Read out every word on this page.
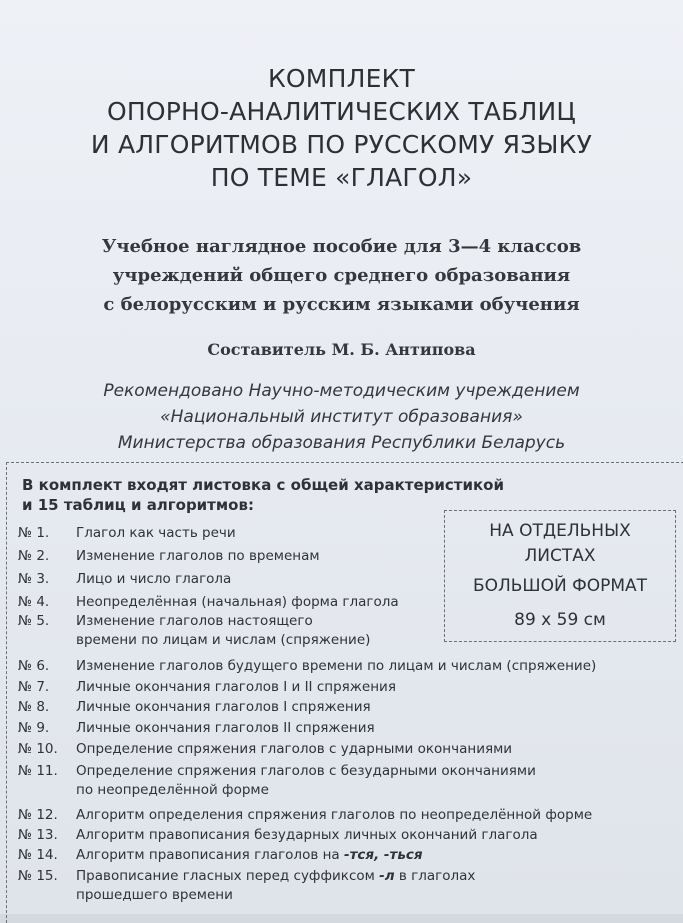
КОМПЛЕКТ
ОПОРНО-АНАЛИТИЧЕСКИХ ТАБЛИЦ
И АЛГОРИТМОВ ПО РУССКОМУ ЯЗЫКУ
ПО ТЕМЕ «ГЛАГОЛ»
Учебное наглядное пособие для 3—4 классов
учреждений общего среднего образования
с белорусским и русским языками обучения
Составитель М. Б. Антипова
Рекомендовано Научно-методическим учреждением
«Национальный институт образования»
Министерства образования Республики Беларусь
В комплект входят листовка с общей характеристикой
и 15 таблиц и алгоритмов:
НА ОТДЕЛЬНЫХ
ЛИСТАХ
БОЛЬШОЙ ФОРМАТ
89 х 59 см
№ 1.	Глагол как часть речи
№ 2.	Изменение глаголов по временам
№ 3.	Лицо и число глагола
№ 4.	Неопределённая (начальная) форма глагола
№ 5.	Изменение глаголов настоящего
времени по лицам и числам (спряжение)
№ 6.	Изменение глаголов будущего времени по лицам и числам (спряжение)
№ 7.	Личные окончания глаголов I и II спряжения
№ 8.	Личные окончания глаголов I спряжения
№ 9.	Личные окончания глаголов II спряжения
№ 10.	Определение спряжения глаголов с ударными окончаниями
№ 11.	Определение спряжения глаголов с безударными окончаниями
по неопределённой форме
№ 12.	Алгоритм определения спряжения глаголов по неопределённой форме
№ 13.	Алгоритм правописания безударных личных окончаний глагола
№ 14.	Алгоритм правописания глаголов на -тся, -ться
№ 15.	Правописание гласных перед суффиксом -л в глаголах
прошедшего времени
